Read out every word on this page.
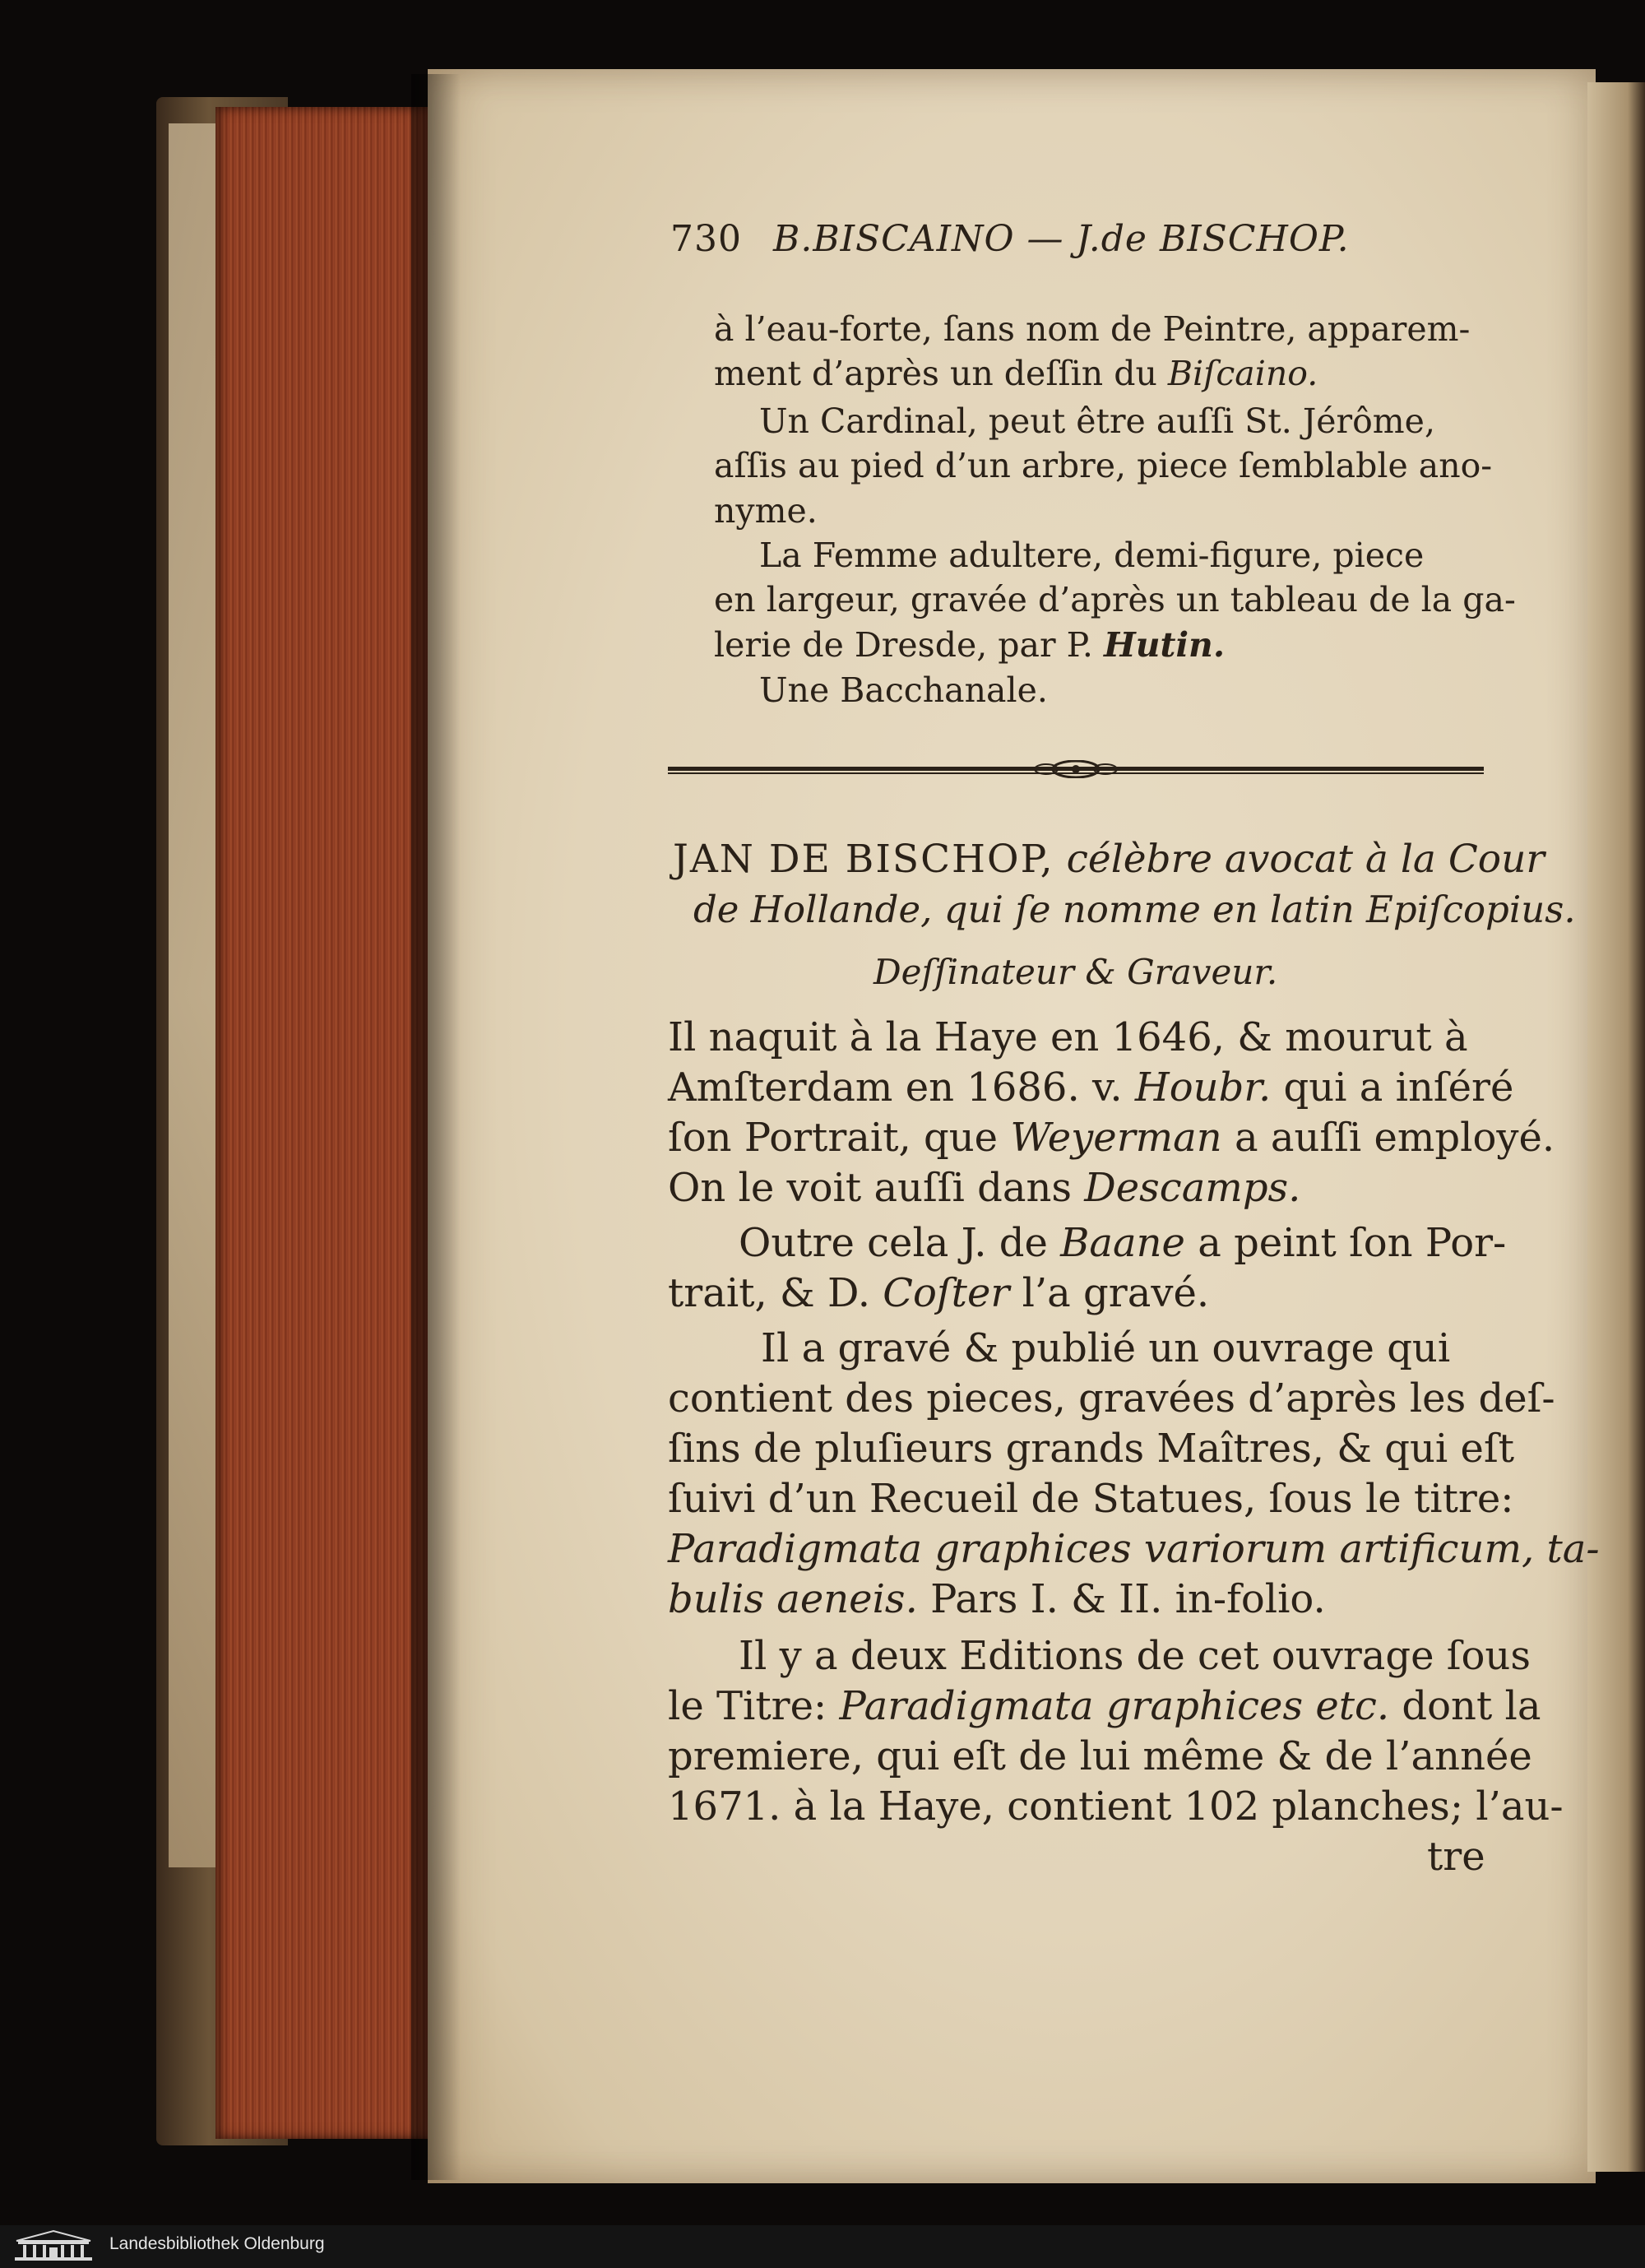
730 B.BISCAINO — J.de BISCHOP.
à l’eau-forte, ſans nom de Peintre, apparem-
ment d’après un deſſin du Biſcaino.
Un Cardinal, peut être auſſi St. Jérôme,
aſſis au pied d’un arbre, piece ſemblable ano-
nyme.
La Femme adultere, demi-figure, piece
en largeur, gravée d’après un tableau de la ga-
lerie de Dresde, par P. Hutin.
Une Bacchanale.
JAN DE BISCHOP, célèbre avocat à la Cour
de Hollande, qui ſe nomme en latin Epiſcopius.
Deſſinateur & Graveur.
Il naquit à la Haye en 1646, & mourut à
Amſterdam en 1686. v. Houbr. qui a inſéré
ſon Portrait, que Weyerman a auſſi employé.
On le voit auſſi dans Descamps.
Outre cela J. de Baane a peint ſon Por-
trait, & D. Coſter l’a gravé.
Il a gravé & publié un ouvrage qui
contient des pieces, gravées d’après les deſ-
ſins de pluſieurs grands Maîtres, & qui eſt
ſuivi d’un Recueil de Statues, ſous le titre:
Paradigmata graphices variorum artificum, ta-
bulis aeneis. Pars I. & II. in-folio.
Il y a deux Editions de cet ouvrage ſous
le Titre: Paradigmata graphices etc. dont la
premiere, qui eſt de lui même & de l’année
1671. à la Haye, contient 102 planches; l’au-
tre
Landesbibliothek Oldenburg
